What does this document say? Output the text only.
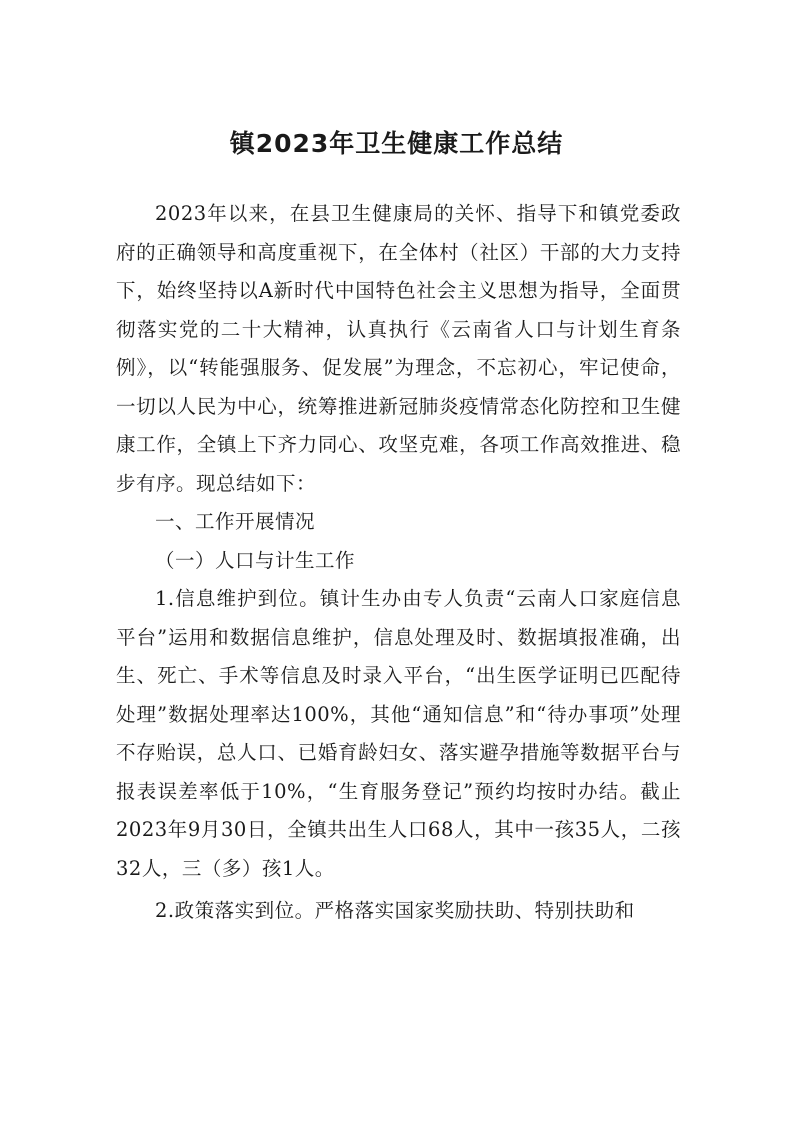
镇2023年卫生健康工作总结

2023年以来，在县卫生健康局的关怀、指导下和镇党委政府的正确领导和高度重视下，在全体村（社区）干部的大力支持下，始终坚持以A新时代中国特色社会主义思想为指导，全面贯彻落实党的二十大精神，认真执行《云南省人口与计划生育条例》，以“转能强服务、促发展”为理念，不忘初心，牢记使命，一切以人民为中心，统筹推进新冠肺炎疫情常态化防控和卫生健康工作，全镇上下齐力同心、攻坚克难，各项工作高效推进、稳步有序。现总结如下：

一、工作开展情况

（一）人口与计生工作

1.信息维护到位。镇计生办由专人负责“云南人口家庭信息平台”运用和数据信息维护，信息处理及时、数据填报准确，出生、死亡、手术等信息及时录入平台，“出生医学证明已匹配待处理”数据处理率达100%，其他“通知信息”和“待办事项”处理不存贻误，总人口、已婚育龄妇女、落实避孕措施等数据平台与报表误差率低于10%，“生育服务登记”预约均按时办结。截止2023年9月30日，全镇共出生人口68人，其中一孩35人，二孩32人，三（多）孩1人。

2.政策落实到位。严格落实国家奖励扶助、特别扶助和
